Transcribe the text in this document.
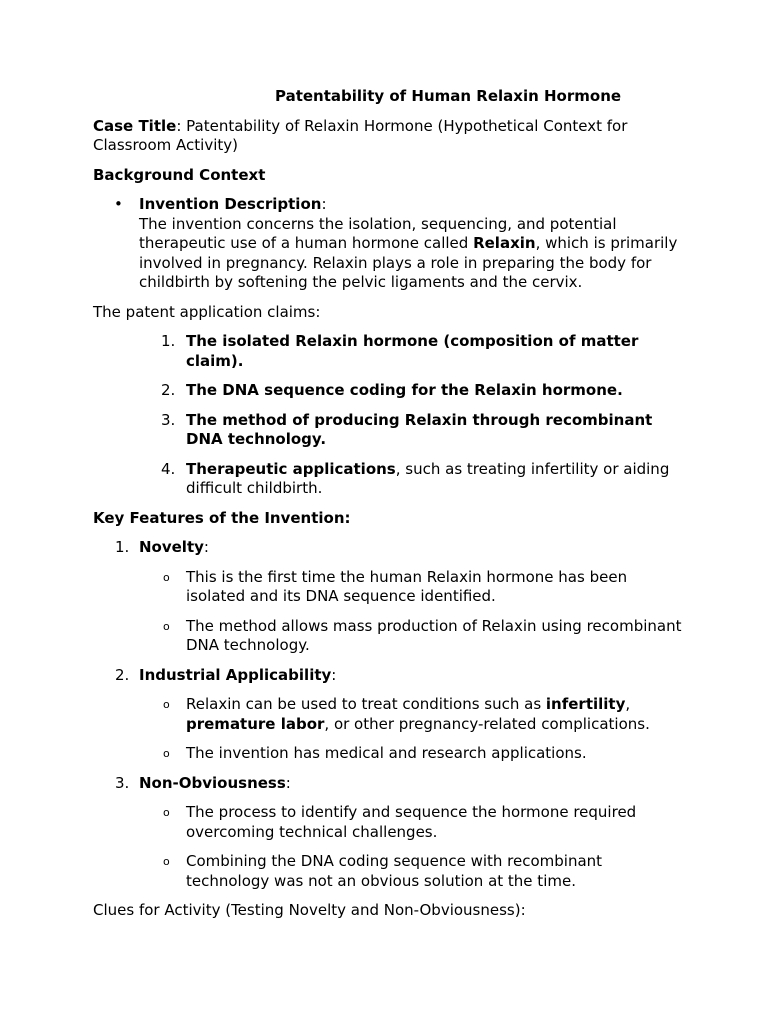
Patentability of Human Relaxin Hormone

Case Title: Patentability of Relaxin Hormone (Hypothetical Context for Classroom Activity)

Background Context

• Invention Description:
The invention concerns the isolation, sequencing, and potential therapeutic use of a human hormone called Relaxin, which is primarily involved in pregnancy. Relaxin plays a role in preparing the body for childbirth by softening the pelvic ligaments and the cervix.

The patent application claims:

1. The isolated Relaxin hormone (composition of matter claim).
2. The DNA sequence coding for the Relaxin hormone.
3. The method of producing Relaxin through recombinant DNA technology.
4. Therapeutic applications, such as treating infertility or aiding difficult childbirth.

Key Features of the Invention:

1. Novelty:
o This is the first time the human Relaxin hormone has been isolated and its DNA sequence identified.
o The method allows mass production of Relaxin using recombinant DNA technology.
2. Industrial Applicability:
o Relaxin can be used to treat conditions such as infertility, premature labor, or other pregnancy-related complications.
o The invention has medical and research applications.
3. Non-Obviousness:
o The process to identify and sequence the hormone required overcoming technical challenges.
o Combining the DNA coding sequence with recombinant technology was not an obvious solution at the time.

Clues for Activity (Testing Novelty and Non-Obviousness):
